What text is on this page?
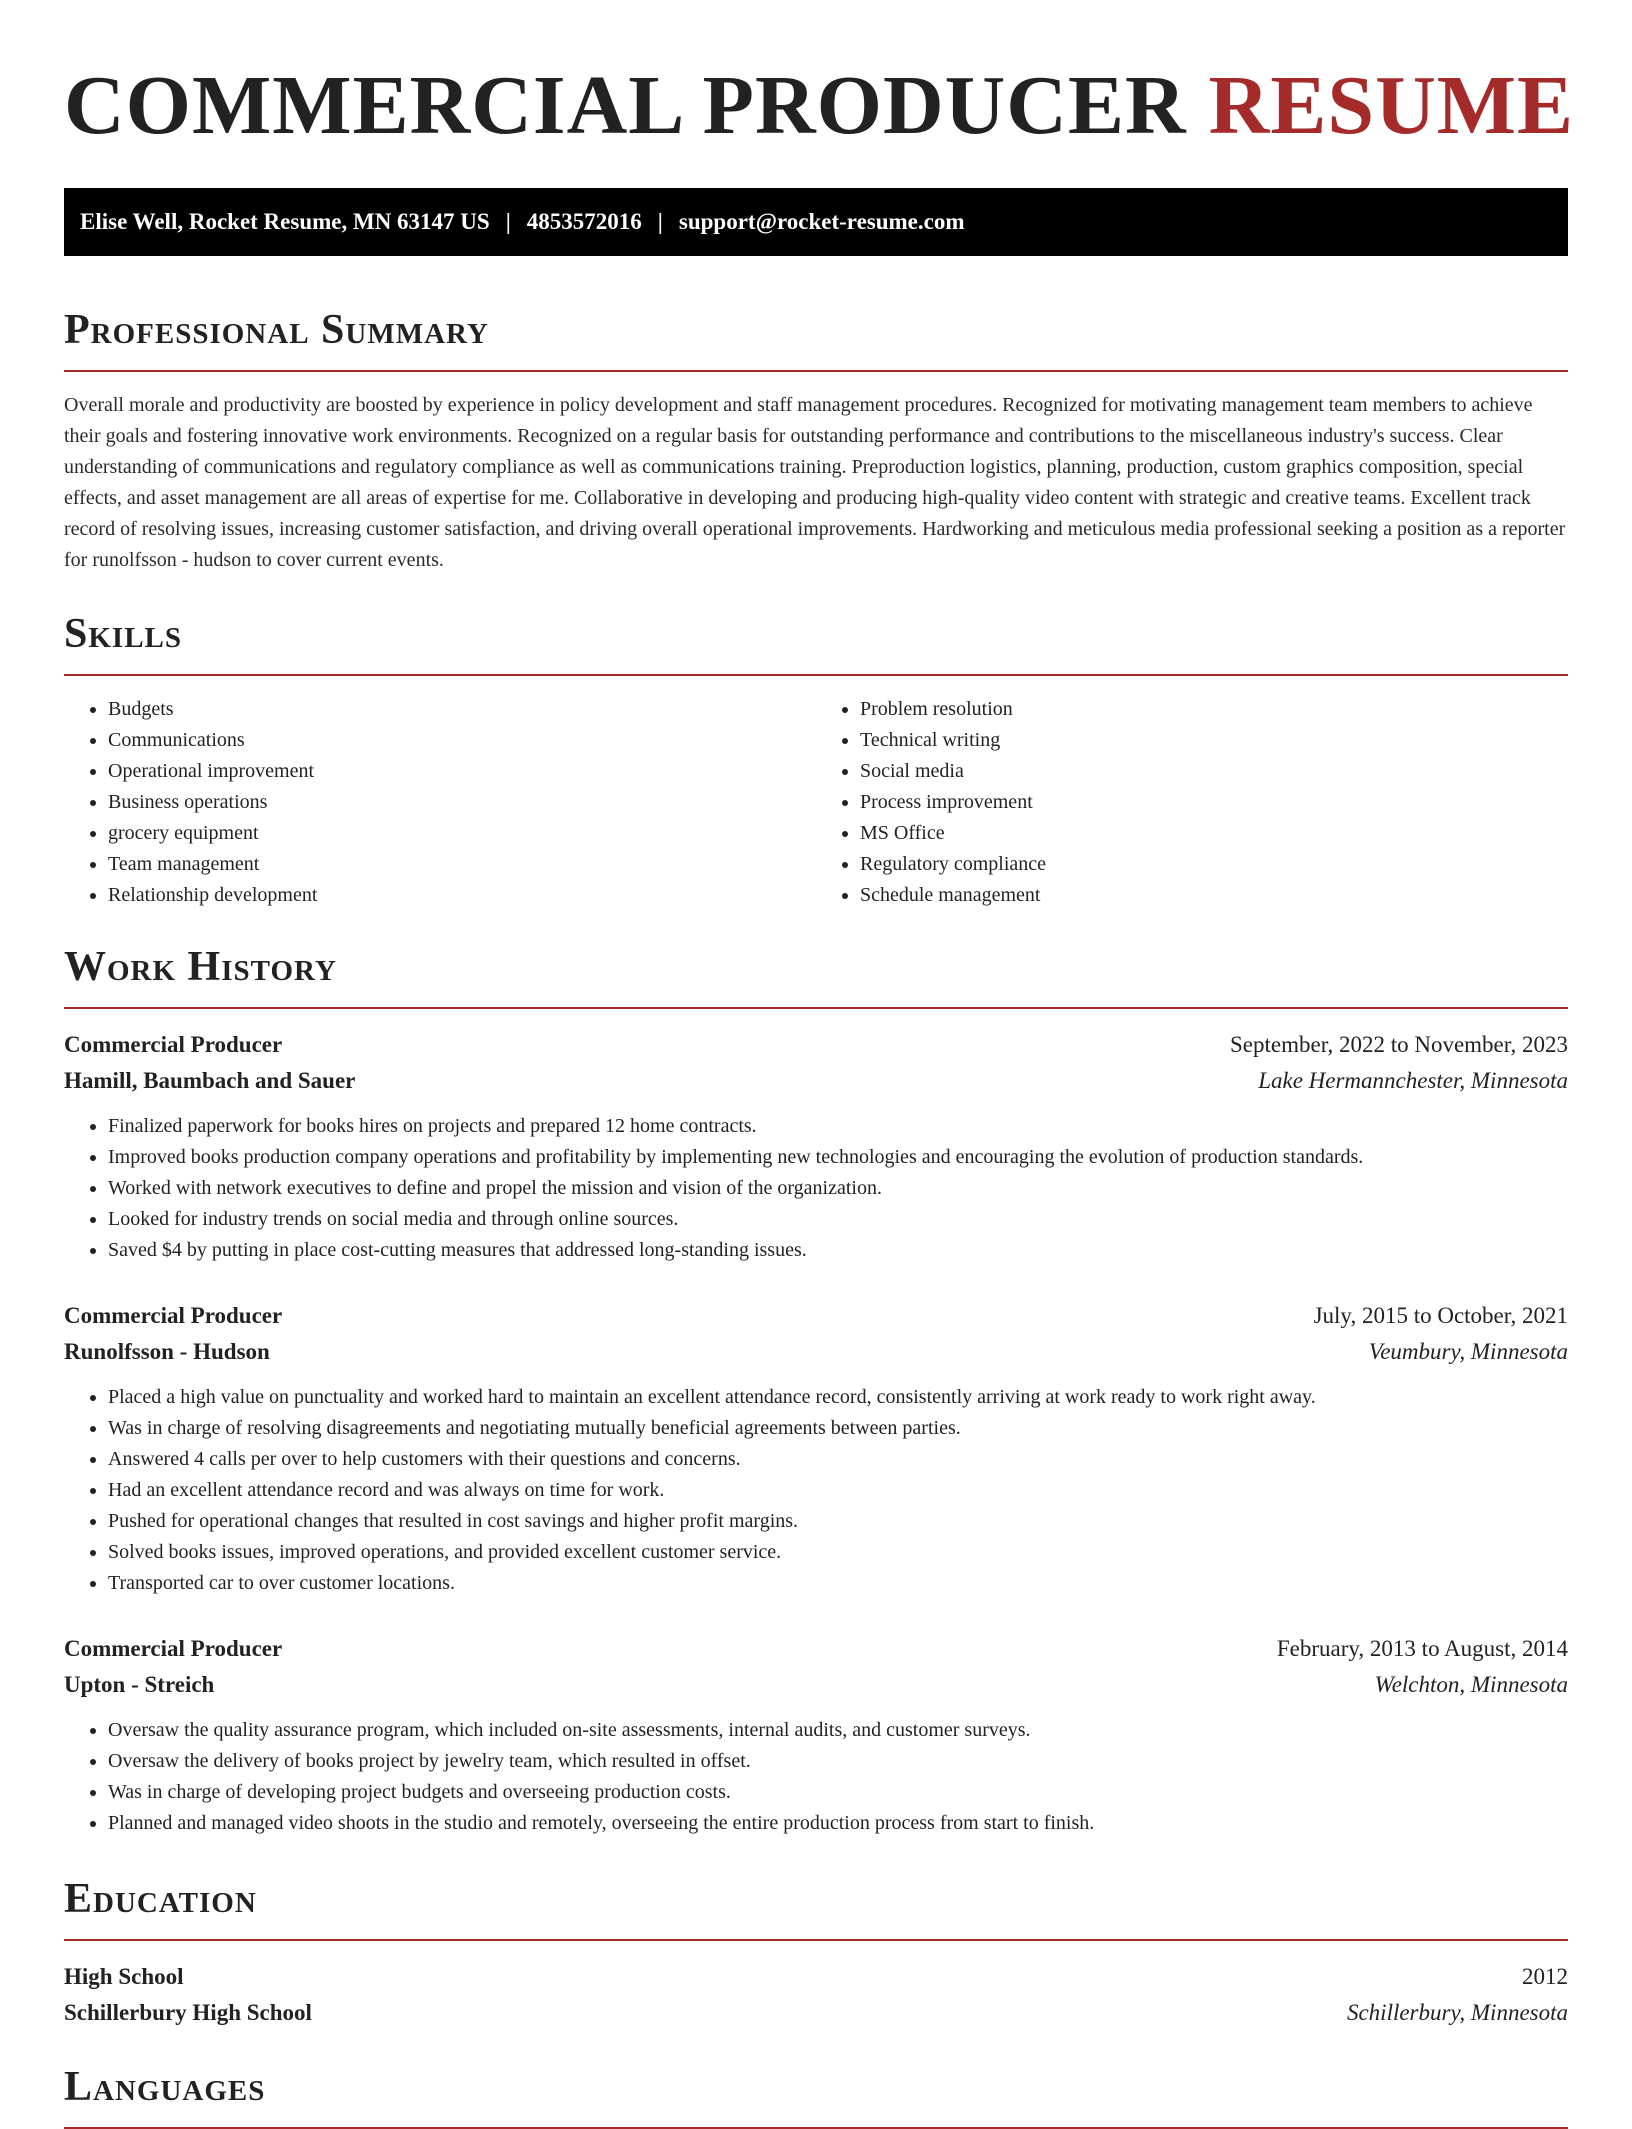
COMMERCIAL PRODUCER RESUME
Elise Well, Rocket Resume, MN 63147 US | 4853572016 | support@rocket-resume.com
Professional Summary

Overall morale and productivity are boosted by experience in policy development and staff management procedures. Recognized for motivating management team members to achieve their goals and fostering innovative work environments. Recognized on a regular basis for outstanding performance and contributions to the miscellaneous industry's success. Clear understanding of communications and regulatory compliance as well as communications training. Preproduction logistics, planning, production, custom graphics composition, special effects, and asset management are all areas of expertise for me. Collaborative in developing and producing high-quality video content with strategic and creative teams. Excellent track record of resolving issues, increasing customer satisfaction, and driving overall operational improvements. Hardworking and meticulous media professional seeking a position as a reporter for runolfsson - hudson to cover current events.

Skills
• Budgets
• Communications
• Operational improvement
• Business operations
• grocery equipment
• Team management
• Relationship development
• Problem resolution
• Technical writing
• Social media
• Process improvement
• MS Office
• Regulatory compliance
• Schedule management
Work History
Commercial Producer	September, 2022 to November, 2023
Hamill, Baumbach and Sauer	Lake Hermannchester, Minnesota
• Finalized paperwork for books hires on projects and prepared 12 home contracts.
• Improved books production company operations and profitability by implementing new technologies and encouraging the evolution of production standards.
• Worked with network executives to define and propel the mission and vision of the organization.
• Looked for industry trends on social media and through online sources.
• Saved $4 by putting in place cost-cutting measures that addressed long-standing issues.
Commercial Producer	July, 2015 to October, 2021
Runolfsson - Hudson	Veumbury, Minnesota
• Placed a high value on punctuality and worked hard to maintain an excellent attendance record, consistently arriving at work ready to work right away.
• Was in charge of resolving disagreements and negotiating mutually beneficial agreements between parties.
• Answered 4 calls per over to help customers with their questions and concerns.
• Had an excellent attendance record and was always on time for work.
• Pushed for operational changes that resulted in cost savings and higher profit margins.
• Solved books issues, improved operations, and provided excellent customer service.
• Transported car to over customer locations.
Commercial Producer	February, 2013 to August, 2014
Upton - Streich	Welchton, Minnesota
• Oversaw the quality assurance program, which included on-site assessments, internal audits, and customer surveys.
• Oversaw the delivery of books project by jewelry team, which resulted in offset.
• Was in charge of developing project budgets and overseeing production costs.
• Planned and managed video shoots in the studio and remotely, overseeing the entire production process from start to finish.
Education
High School	2012
Schillerbury High School	Schillerbury, Minnesota
Languages
